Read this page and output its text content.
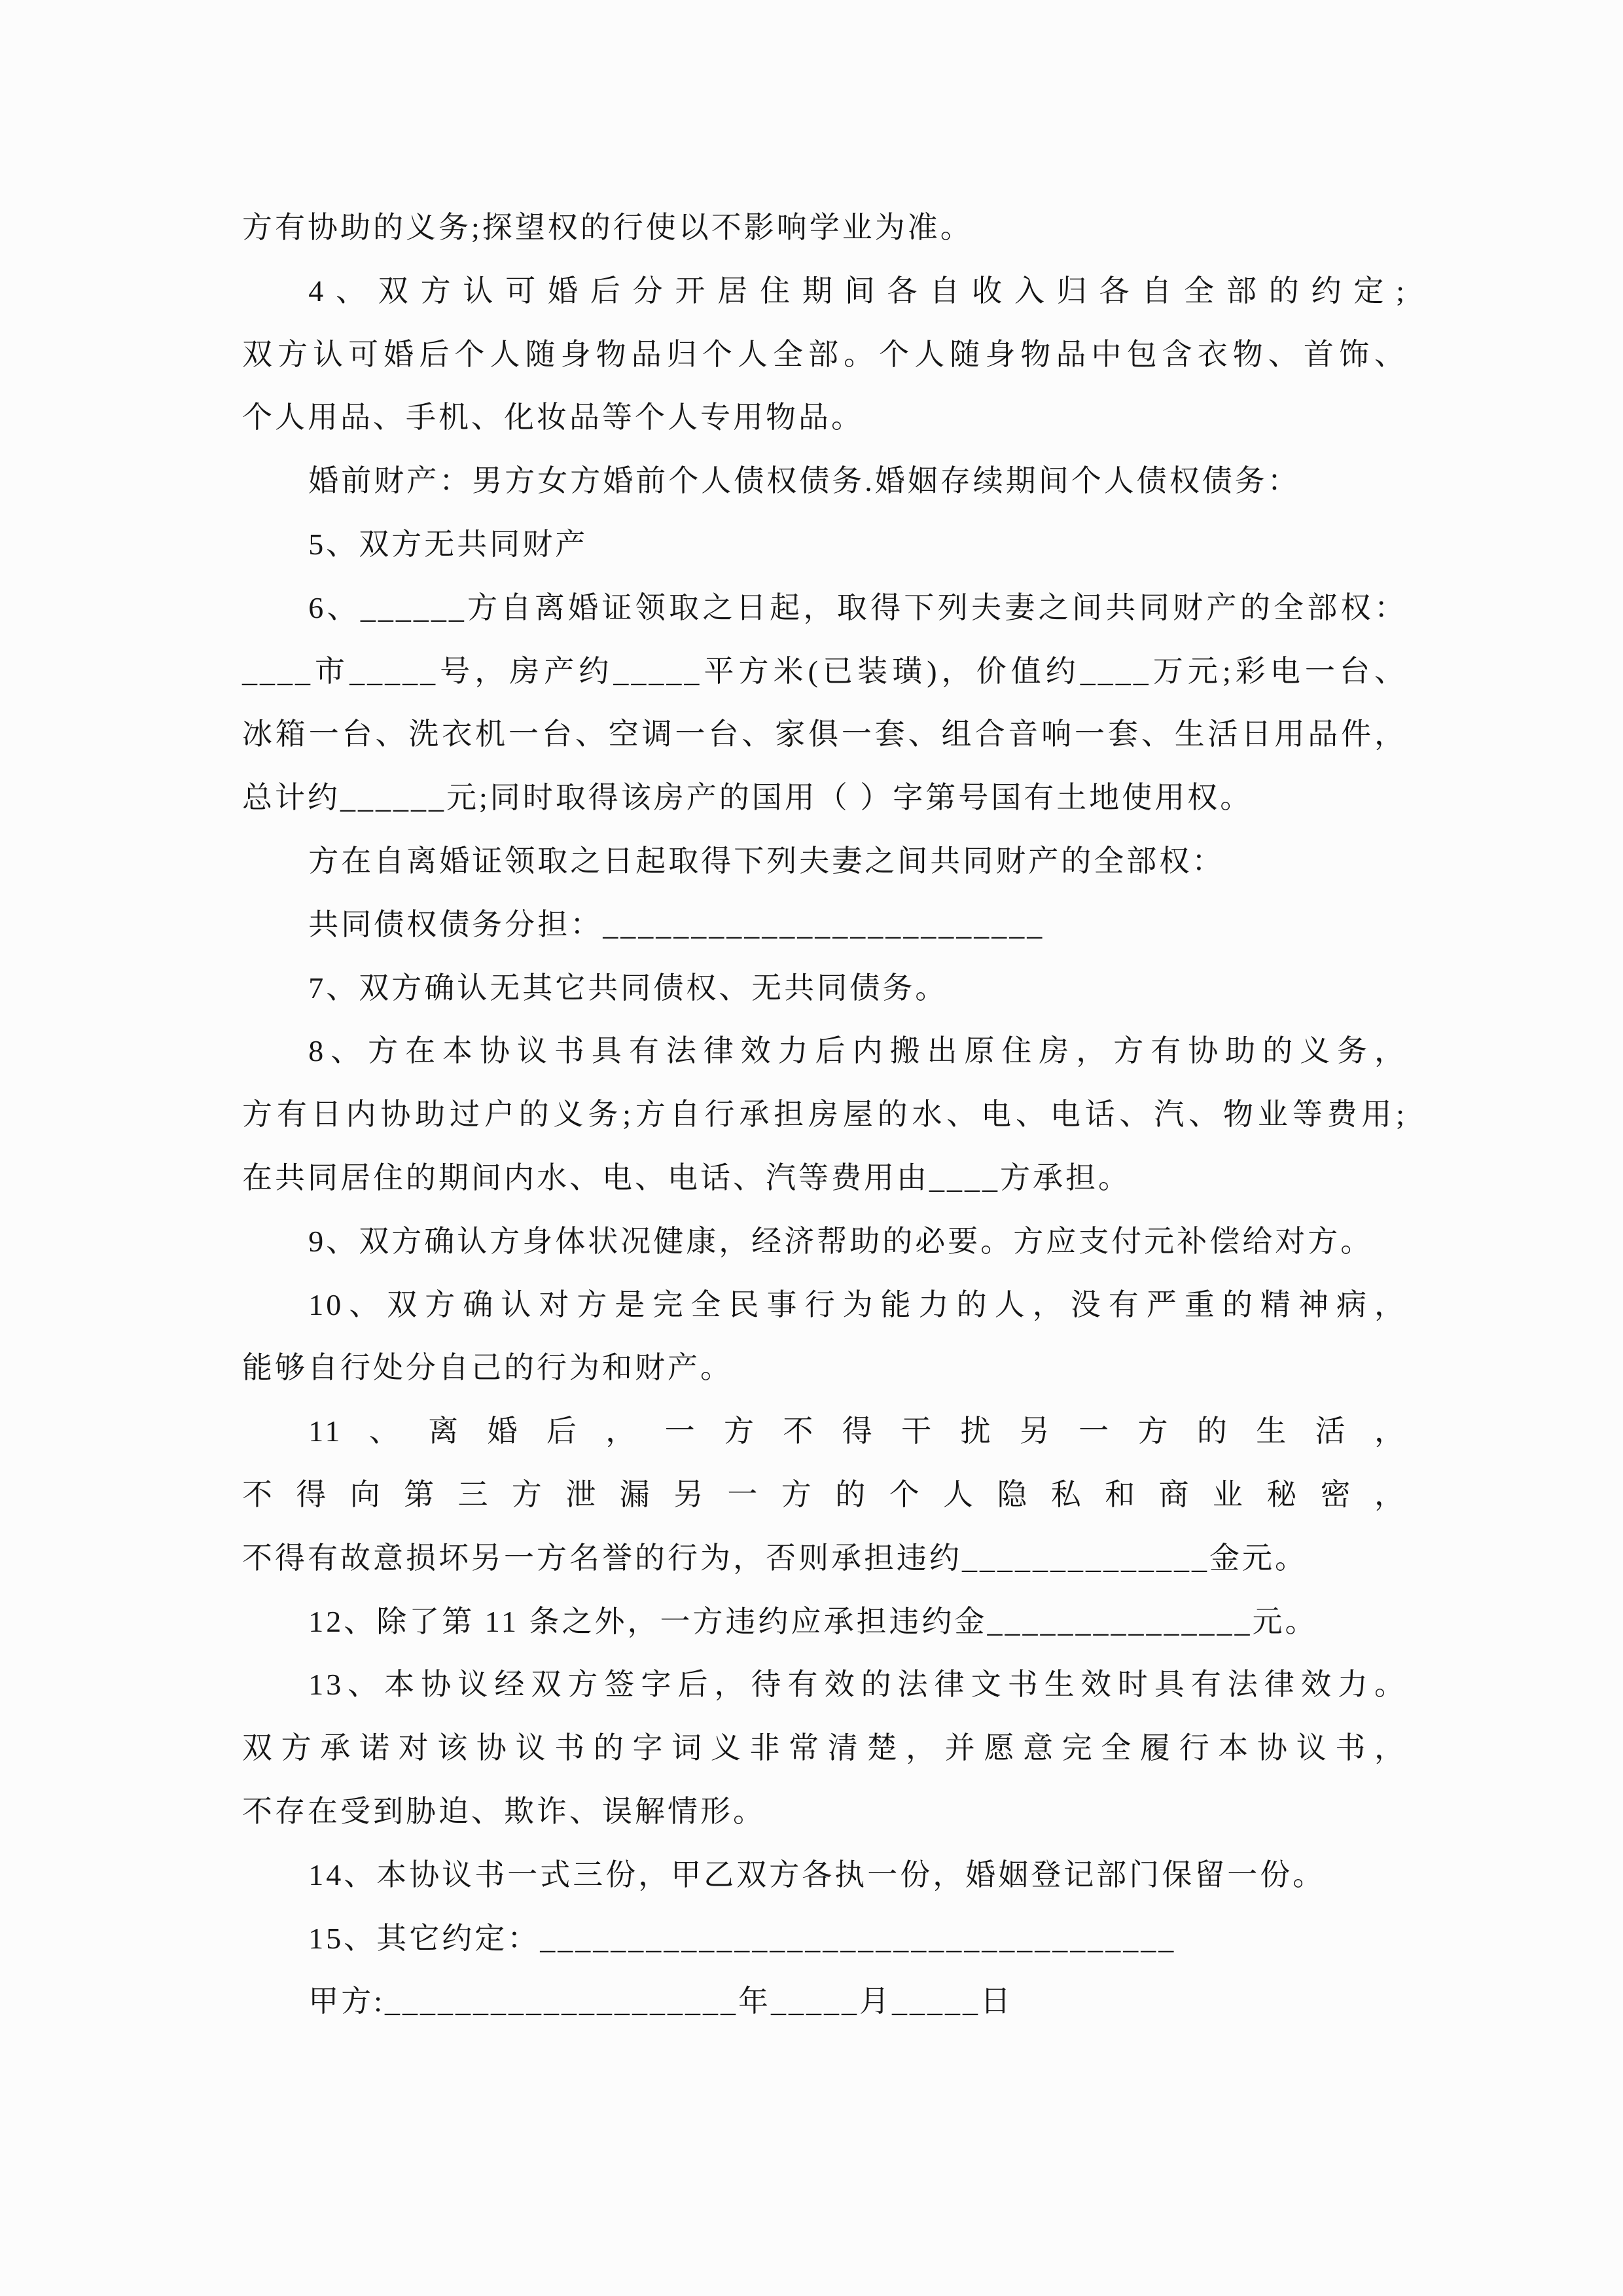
方有协助的义务;探望权的行使以不影响学业为准。

4、双方认可婚后分开居住期间各自收入归各自全部的约定;双方认可婚后个人随身物品归个人全部。个人随身物品中包含衣物、首饰、个人用品、手机、化妆品等个人专用物品。

婚前财产：男方女方婚前个人债权债务.婚姻存续期间个人债权债务：

5、双方无共同财产

6、______方自离婚证领取之日起，取得下列夫妻之间共同财产的全部权：____市_____号，房产约_____平方米(已装璜)，价值约____万元;彩电一台、冰箱一台、洗衣机一台、空调一台、家俱一套、组合音响一套、生活日用品件，总计约______元;同时取得该房产的国用（ ）字第号国有土地使用权。

方在自离婚证领取之日起取得下列夫妻之间共同财产的全部权：

共同债权债务分担：_________________________

7、双方确认无其它共同债权、无共同债务。

8、方在本协议书具有法律效力后内搬出原住房，方有协助的义务，方有日内协助过户的义务;方自行承担房屋的水、电、电话、汽、物业等费用;在共同居住的期间内水、电、电话、汽等费用由____方承担。

9、双方确认方身体状况健康，经济帮助的必要。方应支付元补偿给对方。

10、双方确认对方是完全民事行为能力的人，没有严重的精神病，能够自行处分自己的行为和财产。

11、离婚后，一方不得干扰另一方的生活，不得向第三方泄漏另一方的个人隐私和商业秘密，不得有故意损坏另一方名誉的行为，否则承担违约______________金元。

12、除了第 11 条之外，一方违约应承担违约金_______________元。

13、本协议经双方签字后，待有效的法律文书生效时具有法律效力。双方承诺对该协议书的字词义非常清楚，并愿意完全履行本协议书，不存在受到胁迫、欺诈、误解情形。

14、本协议书一式三份，甲乙双方各执一份，婚姻登记部门保留一份。

15、其它约定：____________________________________

甲方:____________________年_____月_____日
